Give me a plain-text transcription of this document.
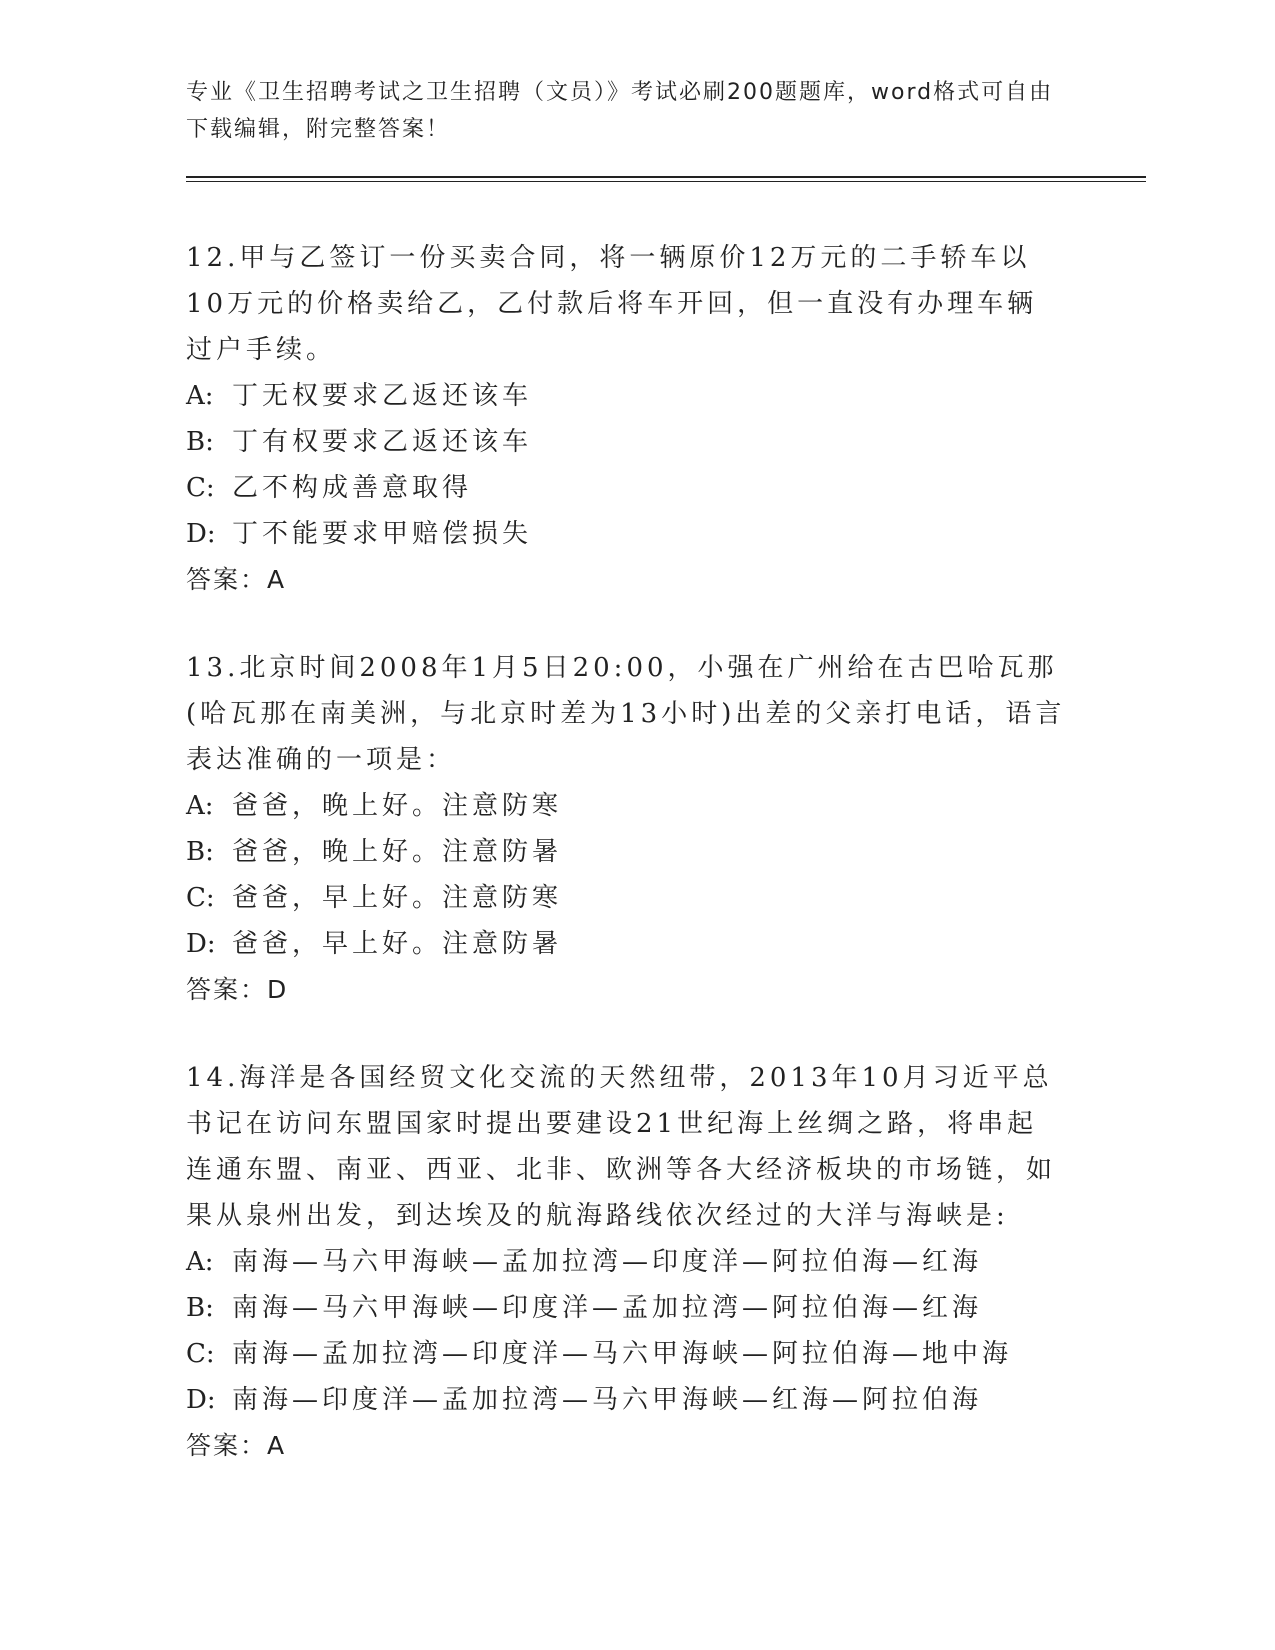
专业《卫生招聘考试之卫生招聘（文员）》考试必刷200题题库，word格式可自由下载编辑，附完整答案！

12.甲与乙签订一份买卖合同，将一辆原价12万元的二手轿车以10万元的价格卖给乙，乙付款后将车开回，但一直没有办理车辆过户手续。

A: 丁无权要求乙返还该车

B: 丁有权要求乙返还该车

C: 乙不构成善意取得

D: 丁不能要求甲赔偿损失

答案：A

13.北京时间2008年1月5日20:00，小强在广州给在古巴哈瓦那(哈瓦那在南美洲，与北京时差为13小时)出差的父亲打电话，语言表达准确的一项是：

A: 爸爸，晚上好。注意防寒

B: 爸爸，晚上好。注意防暑

C: 爸爸，早上好。注意防寒

D: 爸爸，早上好。注意防暑

答案：D

14.海洋是各国经贸文化交流的天然纽带，2013年10月习近平总书记在访问东盟国家时提出要建设21世纪海上丝绸之路，将串起连通东盟、南亚、西亚、北非、欧洲等各大经济板块的市场链，如果从泉州出发，到达埃及的航海路线依次经过的大洋与海峡是:

A: 南海—马六甲海峡—孟加拉湾—印度洋—阿拉伯海—红海

B: 南海—马六甲海峡—印度洋—孟加拉湾—阿拉伯海—红海

C: 南海—孟加拉湾—印度洋—马六甲海峡—阿拉伯海—地中海

D: 南海—印度洋—孟加拉湾—马六甲海峡—红海—阿拉伯海

答案：A
